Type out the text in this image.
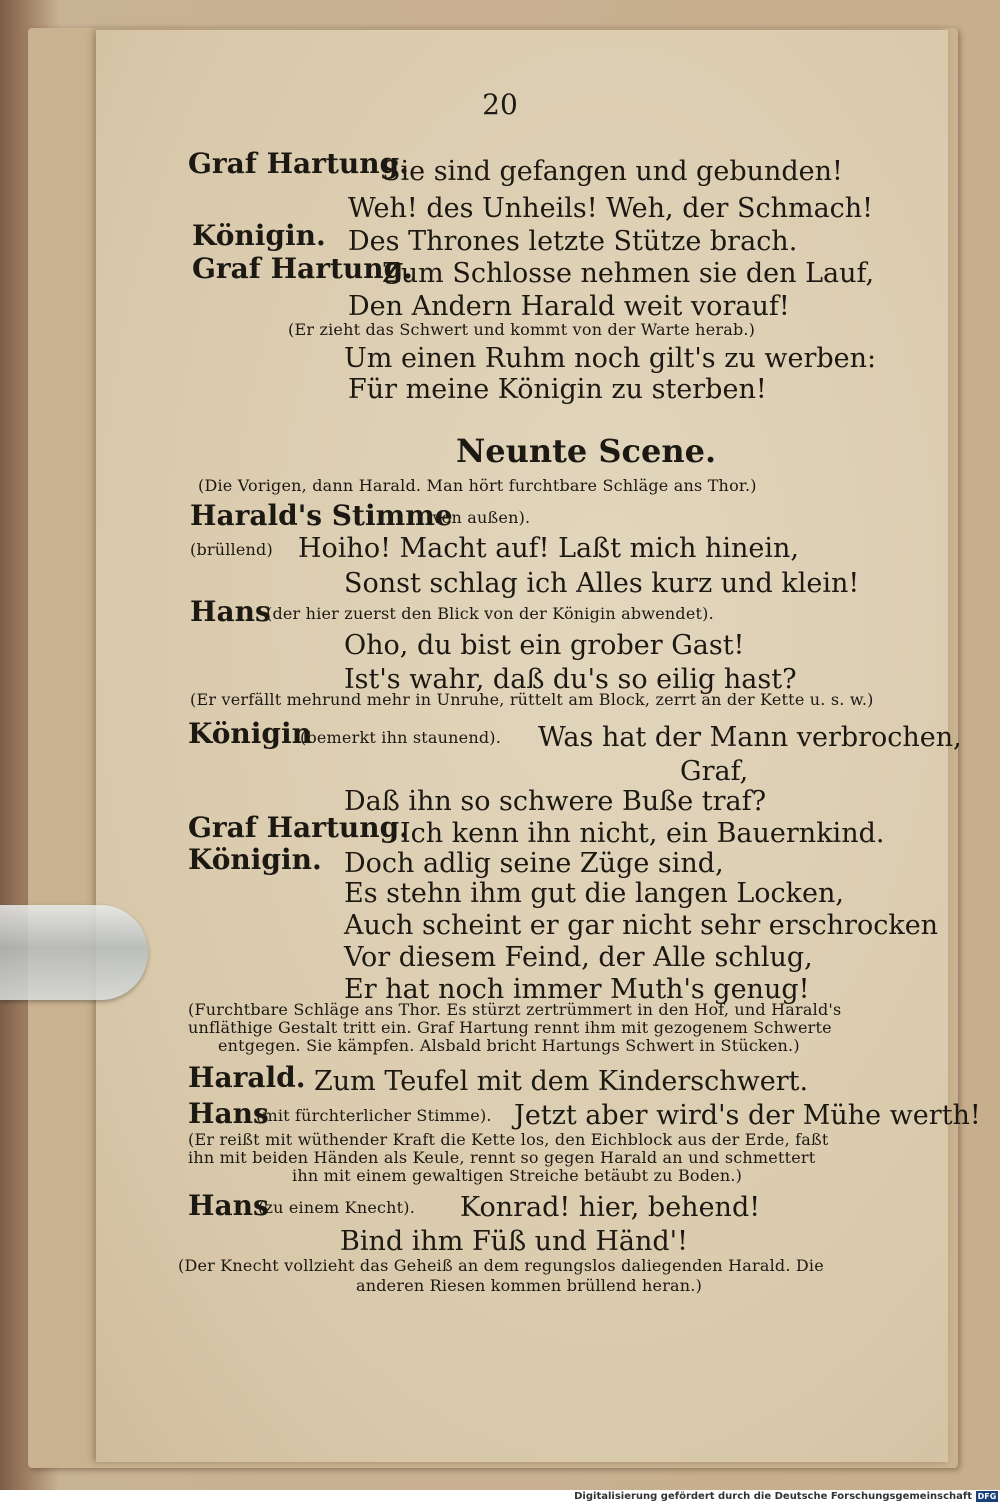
20
Graf Hartung.
Sie sind gefangen und gebunden!
Weh! des Unheils! Weh, der Schmach!
Königin. Des Thrones letzte Stütze brach.
Graf Hartung.
Zum Schlosse nehmen sie den Lauf,
Den Andern Harald weit vorauf!
(Er zieht das Schwert und kommt von der Warte herab.)
Um einen Ruhm noch gilt's zu werben:
Für meine Königin zu sterben!
Neunte Scene.
(Die Vorigen, dann Harald. Man hört furchtbare Schläge ans Thor.)
Harald's Stimme
(von außen).
(brüllend) Hoiho! Macht auf! Laßt mich hinein,
Sonst schlag ich Alles kurz und klein!
Hans
(der hier zuerst den Blick von der Königin abwendet).
Oho, du bist ein grober Gast!
Ist's wahr, daß du's so eilig hast?
(Er verfällt mehrund mehr in Unruhe, rüttelt am Block, zerrt an der Kette u. s. w.)
Königin
(bemerkt ihn staunend). Was hat der Mann verbrochen,
Graf,
Daß ihn so schwere Buße traf?
Graf Hartung.
Ich kenn ihn nicht, ein Bauernkind.
Königin. Doch adlig seine Züge sind,
Es stehn ihm gut die langen Locken,
Auch scheint er gar nicht sehr erschrocken
Vor diesem Feind, der Alle schlug,
Er hat noch immer Muth's genug!
(Furchtbare Schläge ans Thor. Es stürzt zertrümmert in den Hof, und Harald's
unfläthige Gestalt tritt ein. Graf Hartung rennt ihm mit gezogenem Schwerte
entgegen. Sie kämpfen. Alsbald bricht Hartungs Schwert in Stücken.)
Harald. Zum Teufel mit dem Kinderschwert.
Hans
(mit fürchterlicher Stimme). Jetzt aber wird's der Mühe werth!
(Er reißt mit wüthender Kraft die Kette los, den Eichblock aus der Erde, faßt
ihn mit beiden Händen als Keule, rennt so gegen Harald an und schmettert
ihn mit einem gewaltigen Streiche betäubt zu Boden.)
Hans
(zu einem Knecht). Konrad! hier, behend!
Bind ihm Füß und Händ'!
(Der Knecht vollzieht das Geheiß an dem regungslos daliegenden Harald. Die
anderen Riesen kommen brüllend heran.)
Digitalisierung gefördert durch die Deutsche Forschungsgemeinschaft DFG
